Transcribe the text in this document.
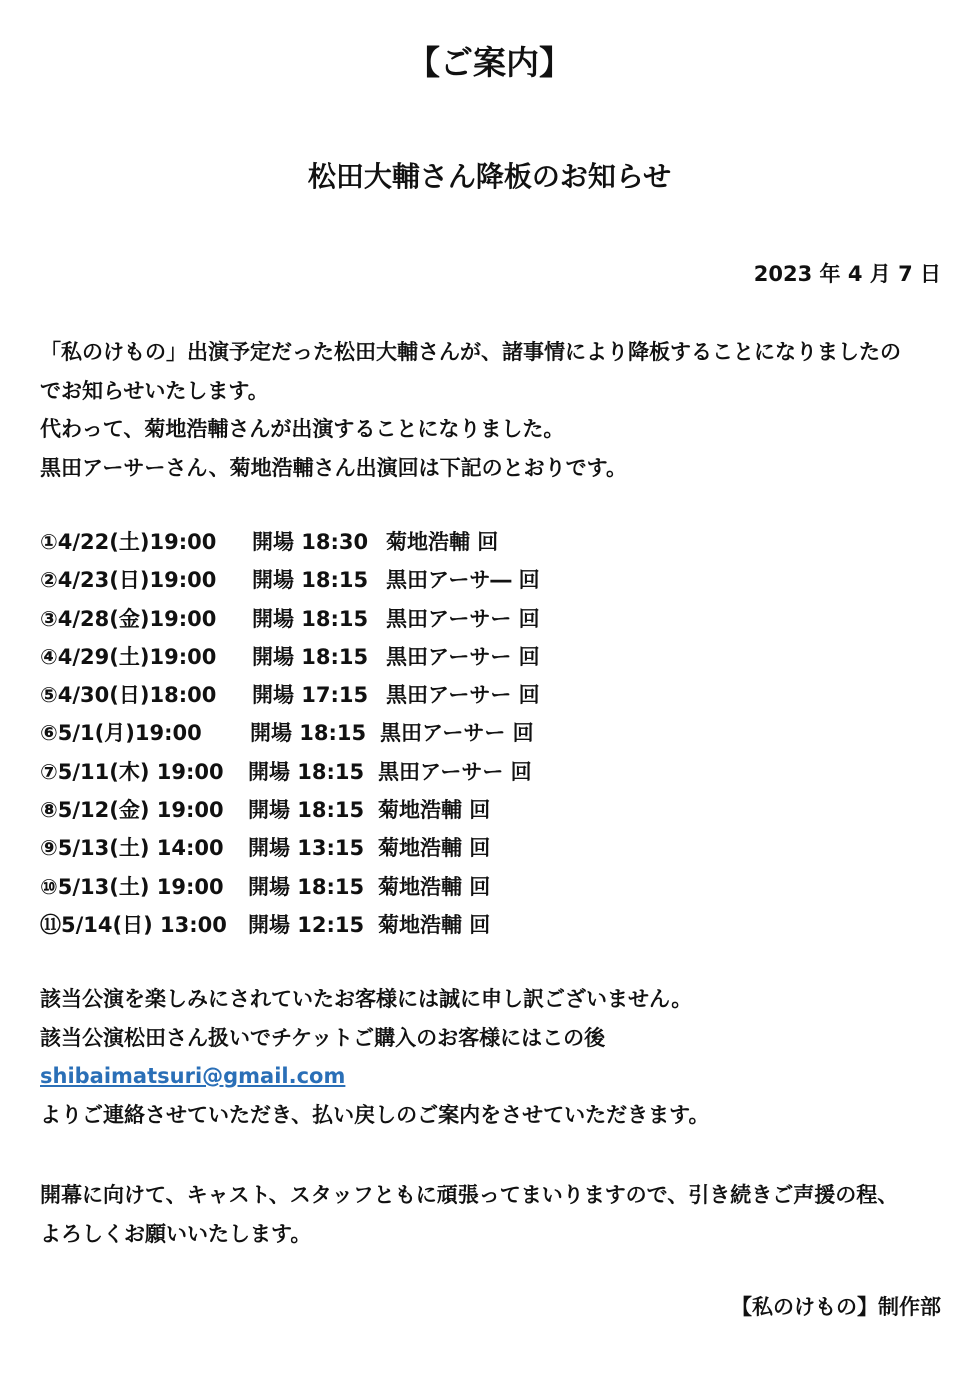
【ご案内】
松田大輔さん降板のお知らせ
2023 年 4 月 7 日

「私のけもの」出演予定だった松田大輔さんが、諸事情により降板することになりましたの

でお知らせいたします。

代わって、菊地浩輔さんが出演することになりました。

黒田アーサーさん、菊地浩輔さん出演回は下記のとおりです。

①4/22(土)19:00	開場 18:30 菊地浩輔 回
②4/23(日)19:00	開場 18:15 黒田アーサ― 回
③4/28(金)19:00	開場 18:15 黒田アーサー 回
④4/29(土)19:00	開場 18:15 黒田アーサー 回
⑤4/30(日)18:00	開場 17:15 黒田アーサー 回
⑥5/1(月)19:00	開場 18:15 黒田アーサー 回
⑦5/11(木) 19:00	開場 18:15 黒田アーサー 回
⑧5/12(金) 19:00	開場 18:15 菊地浩輔 回
⑨5/13(土) 14:00	開場 13:15 菊地浩輔 回
⑩5/13(土) 19:00	開場 18:15 菊地浩輔 回
⑪5/14(日) 13:00	開場 12:15 菊地浩輔 回

該当公演を楽しみにされていたお客様には誠に申し訳ございません。

該当公演松田さん扱いでチケットご購入のお客様にはこの後

shibaimatsuri@gmail.com

よりご連絡させていただき、払い戻しのご案内をさせていただきます。

開幕に向けて、キャスト、スタッフともに頑張ってまいりますので、引き続きご声援の程、

よろしくお願いいたします。

【私のけもの】制作部
